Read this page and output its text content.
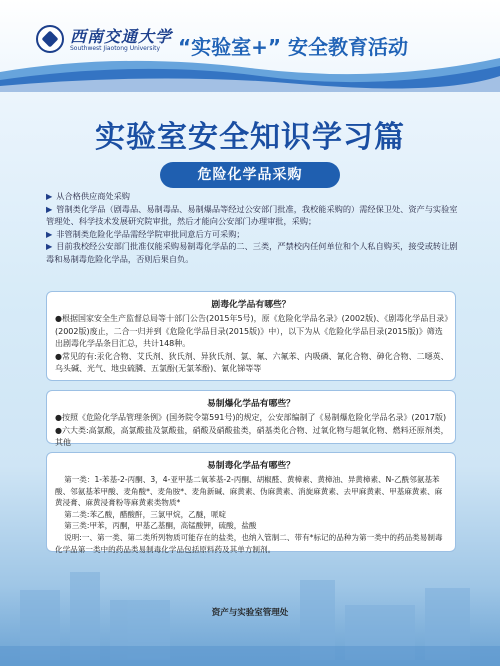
西南交通大学
Southwest Jiaotong University “实验室+” 安全教育活动
实验室安全知识学习篇
危险化学品采购
▶ 从合格供应商处采购
▶ 管制类化学品（剧毒品、易制毒品、易制爆品等经过公安部门批准，我校能采购的）需经保卫处、资产与实验室管理处、科学技术发展研究院审批，然后才能向公安部门办理审批，采购；
▶ 非管制类危险化学品需经学院审批同意后方可采购；
▶ 目前我校经公安部门批准仅能采购易制毒化学品的二、三类，严禁校内任何单位和个人私自购买，接受或转让剧毒和易制毒危险化学品，否则后果自负。
剧毒化学品有哪些？

●根据国家安全生产监督总局等十部门公告(2015年5号)，原《危险化学品名录》(2002版)、《剧毒化学品目录》(2002版)废止，二合一归并到《危险化学品目录(2015版)》中），以下为从《危险化学品目录(2015版)》筛选出剧毒化学品条目汇总，共计148种。

●常见的有:汞化合物、艾氏剂、狄氏剂、异狄氏剂、氯、氟、六氟苯、内吸磷、氰化合物、砷化合物、二噁英、乌头碱、光气、地虫硫膦、五氯酚(无氯苯酚)、氰化锑等等

易制爆化学品有哪些？

●按照《危险化学品管理条例》(国务院令第591号)的规定，公安部编制了《易制爆危险化学品名录》(2017版)

●六大类:高氯酸，高氯酸盐及氯酸盐，硝酸及硝酸盐类，硝基类化合物、过氧化物与超氧化物、燃料还原剂类，其他

易制毒化学品有哪些？

第一类：1-苯基-2-丙酮、3，4-亚甲基二氧苯基-2-丙酮、胡椒醛、黄樟素、黄樟油、异黄樟素、N-乙酰邻氨基苯酸、邻氨基苯甲酸、麦角酸*、麦角胺*、麦角新碱、麻黄素、伪麻黄素、消旋麻黄素、去甲麻黄素、甲基麻黄素、麻黄浸膏、麻黄浸膏粉等麻黄素类物质*

第二类:苯乙酸，醋酸酐，三氯甲烷，乙醚，哌啶

第三类:甲苯，丙酮，甲基乙基酮，高锰酸钾，硫酸，盐酸

说明:一、第一类、第二类所列物质可能存在的盐类，也纳入管制二、带有*标记的品种为第一类中的药品类易制毒化学品第一类中的药品类易制毒化学品包括原料药及其单方制剂。

资产与实验室管理处
